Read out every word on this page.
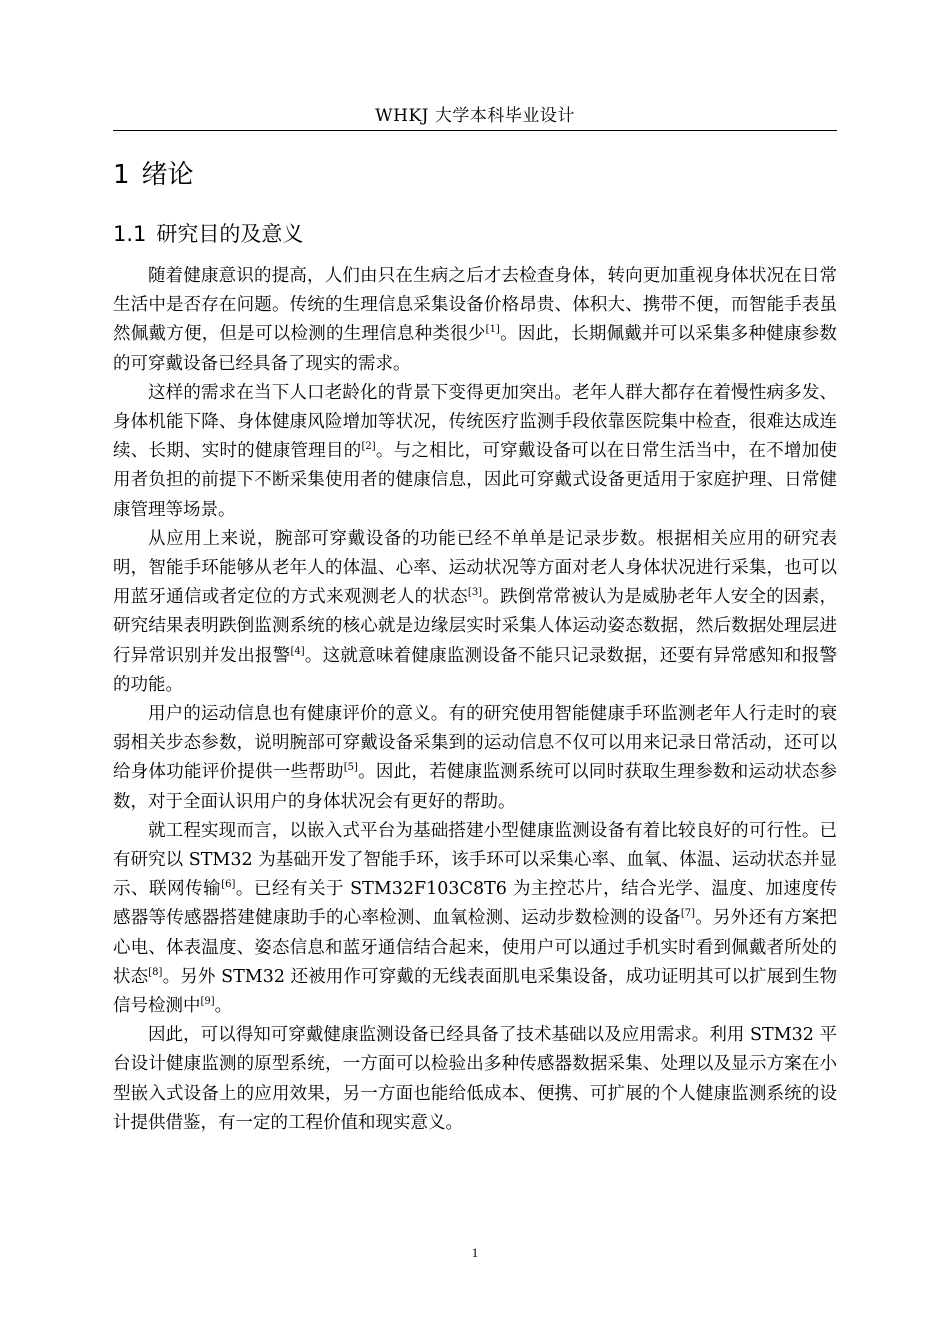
WHKJ 大学本科毕业设计
1 绪论
1.1 研究目的及意义

随着健康意识的提高，人们由只在生病之后才去检查身体，转向更加重视身体状况在日常生活中是否存在问题。传统的生理信息采集设备价格昂贵、体积大、携带不便，而智能手表虽然佩戴方便，但是可以检测的生理信息种类很少[1]。因此，长期佩戴并可以采集多种健康参数的可穿戴设备已经具备了现实的需求。

这样的需求在当下人口老龄化的背景下变得更加突出。老年人群大都存在着慢性病多发、身体机能下降、身体健康风险增加等状况，传统医疗监测手段依靠医院集中检查，很难达成连续、长期、实时的健康管理目的[2]。与之相比，可穿戴设备可以在日常生活当中，在不增加使用者负担的前提下不断采集使用者的健康信息，因此可穿戴式设备更适用于家庭护理、日常健康管理等场景。

从应用上来说，腕部可穿戴设备的功能已经不单单是记录步数。根据相关应用的研究表明，智能手环能够从老年人的体温、心率、运动状况等方面对老人身体状况进行采集，也可以用蓝牙通信或者定位的方式来观测老人的状态[3]。跌倒常常被认为是威胁老年人安全的因素，研究结果表明跌倒监测系统的核心就是边缘层实时采集人体运动姿态数据，然后数据处理层进行异常识别并发出报警[4]。这就意味着健康监测设备不能只记录数据，还要有异常感知和报警的功能。

用户的运动信息也有健康评价的意义。有的研究使用智能健康手环监测老年人行走时的衰弱相关步态参数，说明腕部可穿戴设备采集到的运动信息不仅可以用来记录日常活动，还可以给身体功能评价提供一些帮助[5]。因此，若健康监测系统可以同时获取生理参数和运动状态参数，对于全面认识用户的身体状况会有更好的帮助。

就工程实现而言，以嵌入式平台为基础搭建小型健康监测设备有着比较良好的可行性。已有研究以 STM32 为基础开发了智能手环，该手环可以采集心率、血氧、体温、运动状态并显示、联网传输[6]。已经有关于 STM32F103C8T6 为主控芯片，结合光学、温度、加速度传感器等传感器搭建健康助手的心率检测、血氧检测、运动步数检测的设备[7]。另外还有方案把心电、体表温度、姿态信息和蓝牙通信结合起来，使用户可以通过手机实时看到佩戴者所处的状态[8]。另外 STM32 还被用作可穿戴的无线表面肌电采集设备，成功证明其可以扩展到生物信号检测中[9]。

因此，可以得知可穿戴健康监测设备已经具备了技术基础以及应用需求。利用 STM32 平台设计健康监测的原型系统，一方面可以检验出多种传感器数据采集、处理以及显示方案在小型嵌入式设备上的应用效果，另一方面也能给低成本、便携、可扩展的个人健康监测系统的设计提供借鉴，有一定的工程价值和现实意义。

1
